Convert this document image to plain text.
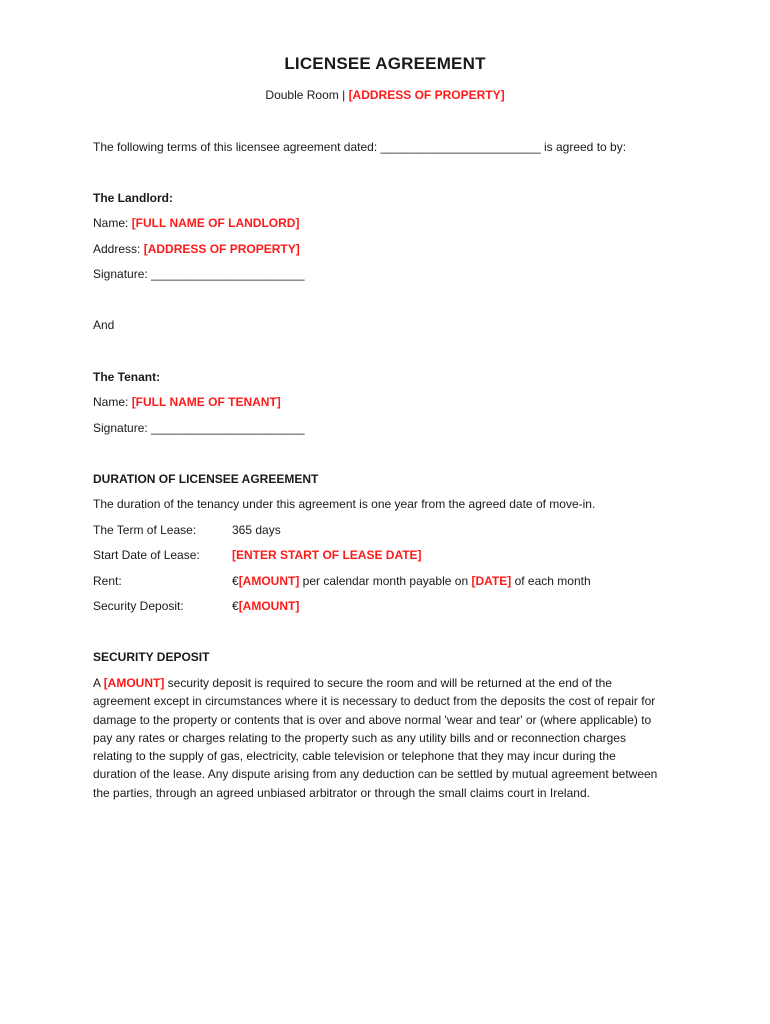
LICENSEE AGREEMENT
Double Room | [ADDRESS OF PROPERTY]
The following terms of this licensee agreement dated: ________________________ is agreed to by:
The Landlord:
Name: [FULL NAME OF LANDLORD]
Address: [ADDRESS OF PROPERTY]
Signature: _______________________
And
The Tenant:
Name: [FULL NAME OF TENANT]
Signature: _______________________
DURATION OF LICENSEE AGREEMENT
The duration of the tenancy under this agreement is one year from the agreed date of move-in.
The Term of Lease:	365 days
Start Date of Lease:	[ENTER START OF LEASE DATE]
Rent:	€[AMOUNT] per calendar month payable on [DATE] of each month
Security Deposit:	€[AMOUNT]
SECURITY DEPOSIT
A [AMOUNT] security deposit is required to secure the room and will be returned at the end of the
agreement except in circumstances where it is necessary to deduct from the deposits the cost of repair for
damage to the property or contents that is over and above normal 'wear and tear' or (where applicable) to
pay any rates or charges relating to the property such as any utility bills and or reconnection charges
relating to the supply of gas, electricity, cable television or telephone that they may incur during the
duration of the lease. Any dispute arising from any deduction can be settled by mutual agreement between
the parties, through an agreed unbiased arbitrator or through the small claims court in Ireland.
